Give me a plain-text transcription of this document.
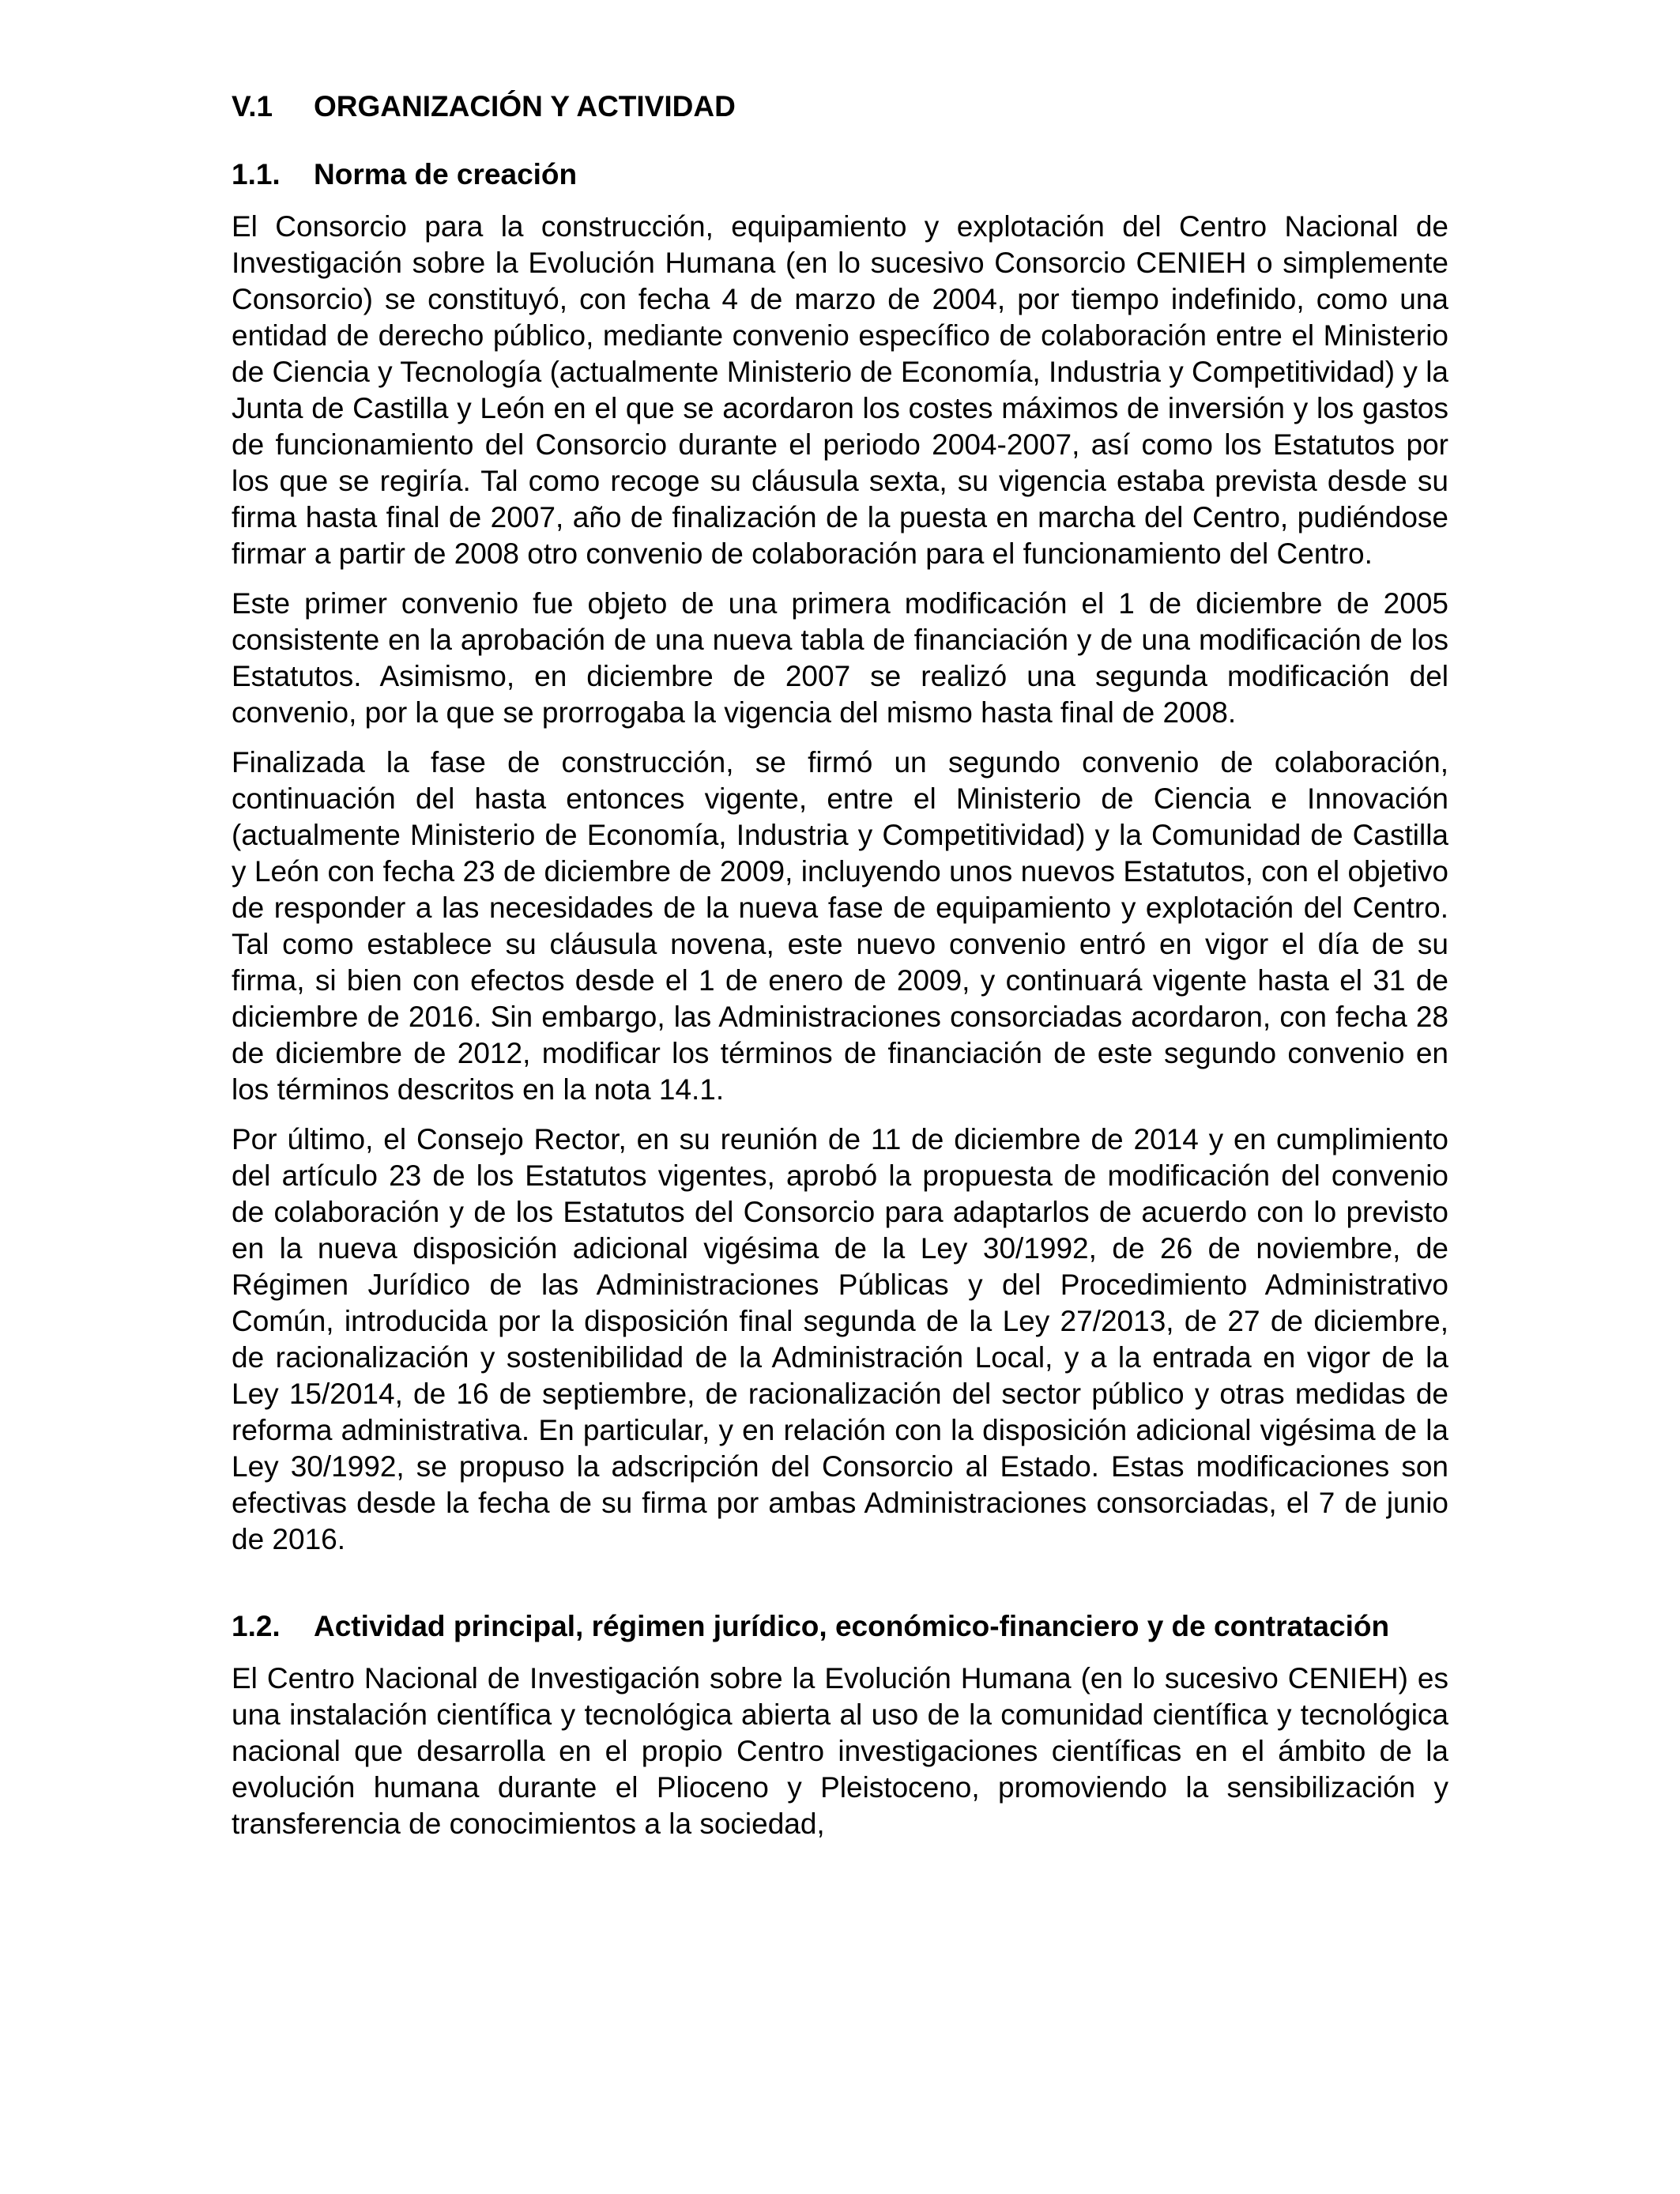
V.1	ORGANIZACIÓN Y ACTIVIDAD
1.1.	Norma de creación

El Consorcio para la construcción, equipamiento y explotación del Centro Nacional de Investigación sobre la Evolución Humana (en lo sucesivo Consorcio CENIEH o simplemente Consorcio) se constituyó, con fecha 4 de marzo de 2004, por tiempo indefinido, como una entidad de derecho público, mediante convenio específico de colaboración entre el Ministerio de Ciencia y Tecnología (actualmente Ministerio de Economía, Industria y Competitividad) y la Junta de Castilla y León en el que se acordaron los costes máximos de inversión y los gastos de funcionamiento del Consorcio durante el periodo 2004-2007, así como los Estatutos por los que se regiría. Tal como recoge su cláusula sexta, su vigencia estaba prevista desde su firma hasta final de 2007, año de finalización de la puesta en marcha del Centro, pudiéndose firmar a partir de 2008 otro convenio de colaboración para el funcionamiento del Centro.

Este primer convenio fue objeto de una primera modificación el 1 de diciembre de 2005 consistente en la aprobación de una nueva tabla de financiación y de una modificación de los Estatutos. Asimismo, en diciembre de 2007 se realizó una segunda modificación del convenio, por la que se prorrogaba la vigencia del mismo hasta final de 2008.

Finalizada la fase de construcción, se firmó un segundo convenio de colaboración, continuación del hasta entonces vigente, entre el Ministerio de Ciencia e Innovación (actualmente Ministerio de Economía, Industria y Competitividad) y la Comunidad de Castilla y León con fecha 23 de diciembre de 2009, incluyendo unos nuevos Estatutos, con el objetivo de responder a las necesidades de la nueva fase de equipamiento y explotación del Centro. Tal como establece su cláusula novena, este nuevo convenio entró en vigor el día de su firma, si bien con efectos desde el 1 de enero de 2009, y continuará vigente hasta el 31 de diciembre de 2016. Sin embargo, las Administraciones consorciadas acordaron, con fecha 28 de diciembre de 2012, modificar los términos de financiación de este segundo convenio en los términos descritos en la nota 14.1.

Por último, el Consejo Rector, en su reunión de 11 de diciembre de 2014 y en cumplimiento del artículo 23 de los Estatutos vigentes, aprobó la propuesta de modificación del convenio de colaboración y de los Estatutos del Consorcio para adaptarlos de acuerdo con lo previsto en la nueva disposición adicional vigésima de la Ley 30/1992, de 26 de noviembre, de Régimen Jurídico de las Administraciones Públicas y del Procedimiento Administrativo Común, introducida por la disposición final segunda de la Ley 27/2013, de 27 de diciembre, de racionalización y sostenibilidad de la Administración Local, y a la entrada en vigor de la Ley 15/2014, de 16 de septiembre, de racionalización del sector público y otras medidas de reforma administrativa. En particular, y en relación con la disposición adicional vigésima de la Ley 30/1992, se propuso la adscripción del Consorcio al Estado. Estas modificaciones son efectivas desde la fecha de su firma por ambas Administraciones consorciadas, el 7 de junio de 2016.

1.2.	Actividad principal, régimen jurídico, económico-financiero y de contratación

El Centro Nacional de Investigación sobre la Evolución Humana (en lo sucesivo CENIEH) es una instalación científica y tecnológica abierta al uso de la comunidad científica y tecnológica nacional que desarrolla en el propio Centro investigaciones científicas en el ámbito de la evolución humana durante el Plioceno y Pleistoceno, promoviendo la sensibilización y transferencia de conocimientos a la sociedad,
